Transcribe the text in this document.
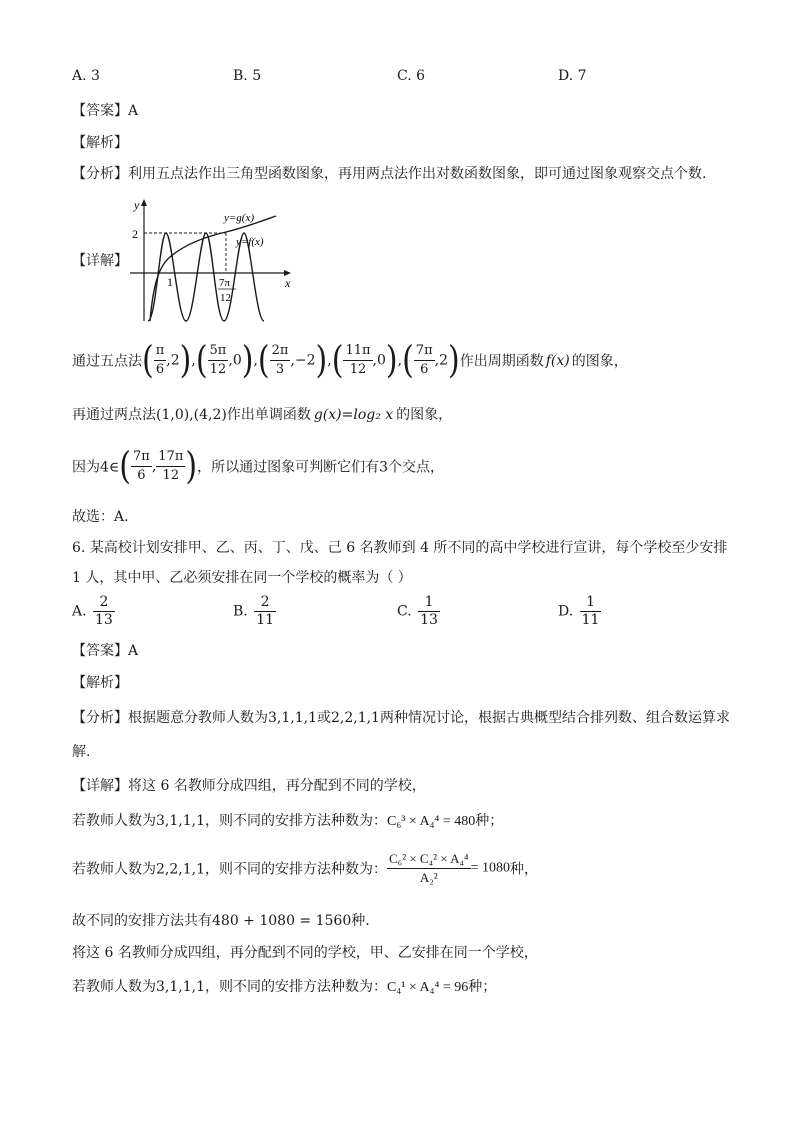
A. 3	B. 5	C. 6	D. 7
【 答案 】 A
【 解析 】
【 分析 】 利用五点法作出三角型函数图象，再用两点法作出对数函数图象，即可通过图象观察交点个数.
【 详解 】
y
x
2
1
y=g(x)
y=f(x)
7π
12
通过五点法( $\frac{\pi}{6} ,2),( \frac{5\pi}{12} ,0),( \frac{2\pi}{3} ,-2),( \frac{11\pi}{12} ,0),( \frac{7\pi}{6} ,2)$作出周期函数 f(x) 的图象，
再通过两点法(1,0),(4,2)作出单调函数 g(x)=log₂ x 的图象，
因为4∈( $\frac{7\pi}{6}$ , $\frac{17\pi}{12}$ )，所以通过图象可判断它们有3个交点，
故选：A.
6. 某高校计划安排甲、乙、丙、丁、戊、己 6 名教师到 4 所不同的高中学校进行宣讲，每个学校至少安排
1 人，其中甲、乙必须安排在同一个学校的概率为（ ）
A. $\frac{2}{13}$	B. $\frac{2}{11}$	C. $\frac{1}{13}$	D. $\frac{1}{11}$
【 答案 】 A
【 解析 】
【 分析 】 根据题意分教师人数为3,1,1,1或2,2,1,1两种情况讨论，根据古典概型结合排列数、组合数运算求
解.
【 详解 】 将这 6 名教师分成四组，再分配到不同的学校，
若教师人数为3,1,1,1，则不同的安排方法种数为：C₆³ × A₄⁴ = 480种；
若教师人数为2,2,1,1，则不同的安排方法种数为： $\frac{\text{C₆² × C₄² × A₄⁴}}{\text{A₂²}} = 1080$种，
故不同的安排方法共有480 + 1080 = 1560种.
将这 6 名教师分成四组，再分配到不同的学校，甲、乙安排在同一个学校，
若教师人数为3,1,1,1，则不同的安排方法种数为：C₄¹ × A₄⁴ = 96种；
